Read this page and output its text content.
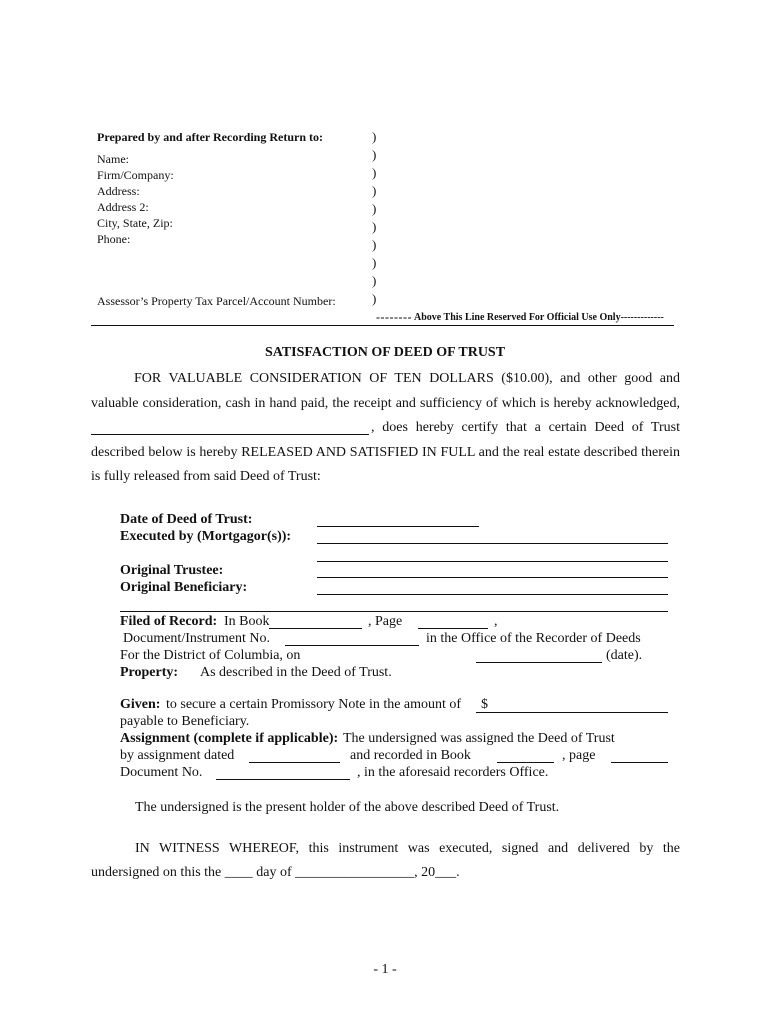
Prepared by and after Recording Return to:
Name:
Firm/Company:
Address:
Address 2:
City, State, Zip:
Phone:
Assessor’s Property Tax Parcel/Account Number:
)
)
)
)
)
)
)
)
)
)
-------- Above This Line Reserved For Official Use Only-------------
SATISFACTION OF DEED OF TRUST
FOR VALUABLE CONSIDERATION OF TEN DOLLARS ($10.00), and other good and
valuable consideration, cash in hand paid, the receipt and sufficiency of which is hereby acknowledged,
, does hereby certify that a certain Deed of Trust
described below is hereby RELEASED AND SATISFIED IN FULL and the real estate described therein
is fully released from said Deed of Trust:
Date of Deed of Trust:
Executed by (Mortgagor(s)):
Original Trustee:
Original Beneficiary:
Filed of Record: In Book	, Page	,
Document/Instrument No.	in the Office of the Recorder of Deeds
For the District of Columbia, on	(date).
Property: As described in the Deed of Trust.
Given: to secure a certain Promissory Note in the amount of $
payable to Beneficiary.
Assignment (complete if applicable): The undersigned was assigned the Deed of Trust
by assignment dated	and recorded in Book	, page
Document No.	, in the aforesaid recorders Office.
The undersigned is the present holder of the above described Deed of Trust.
IN WITNESS WHEREOF, this instrument was executed, signed and delivered by the
undersigned on this the ____ day of _________________, 20___.
- 1 -
